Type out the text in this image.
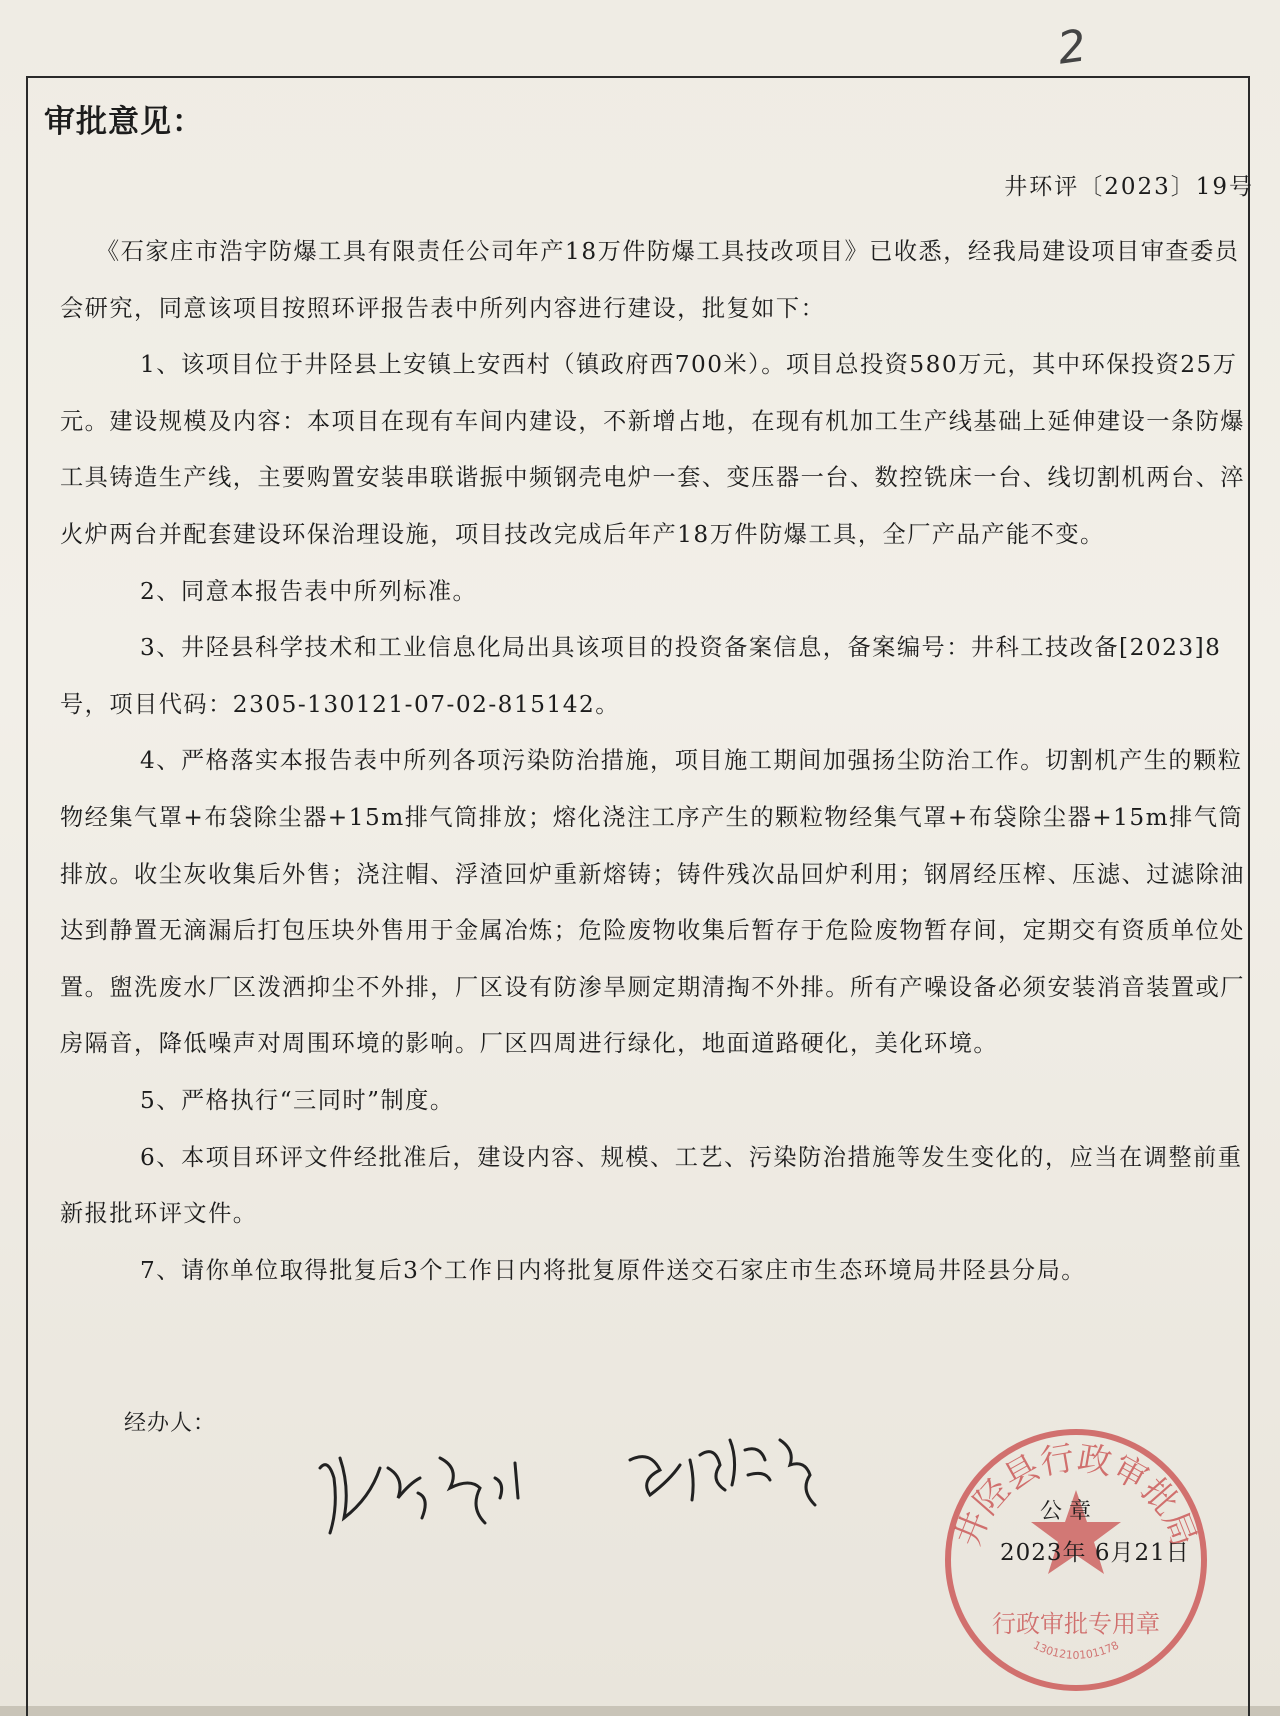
2
审批意见：
井环评〔2023〕19号

《石家庄市浩宇防爆工具有限责任公司年产18万件防爆工具技改项目》已收悉，经我局建设项目审查委员会研究，同意该项目按照环评报告表中所列内容进行建设，批复如下：

1、该项目位于井陉县上安镇上安西村（镇政府西700米）。项目总投资580万元，其中环保投资25万元。建设规模及内容：本项目在现有车间内建设，不新增占地，在现有机加工生产线基础上延伸建设一条防爆工具铸造生产线，主要购置安装串联谐振中频钢壳电炉一套、变压器一台、数控铣床一台、线切割机两台、淬火炉两台并配套建设环保治理设施，项目技改完成后年产18万件防爆工具，全厂产品产能不变。

2、同意本报告表中所列标准。

3、井陉县科学技术和工业信息化局出具该项目的投资备案信息，备案编号：井科工技改备[2023]8号，项目代码：2305-130121-07-02-815142。

4、严格落实本报告表中所列各项污染防治措施，项目施工期间加强扬尘防治工作。切割机产生的颗粒物经集气罩+布袋除尘器+15m排气筒排放；熔化浇注工序产生的颗粒物经集气罩+布袋除尘器+15m排气筒排放。收尘灰收集后外售；浇注帽、浮渣回炉重新熔铸；铸件残次品回炉利用；钢屑经压榨、压滤、过滤除油达到静置无滴漏后打包压块外售用于金属冶炼；危险废物收集后暂存于危险废物暂存间，定期交有资质单位处置。盥洗废水厂区泼洒抑尘不外排，厂区设有防渗旱厕定期清掏不外排。所有产噪设备必须安装消音装置或厂房隔音，降低噪声对周围环境的影响。厂区四周进行绿化，地面道路硬化，美化环境。

5、严格执行“三同时”制度。

6、本项目环评文件经批准后，建设内容、规模、工艺、污染防治措施等发生变化的，应当在调整前重新报批环评文件。

7、请你单位取得批复后3个工作日内将批复原件送交石家庄市生态环境局井陉县分局。

经办人：
井陉县行政审批局
行政审批专用章
1301210101178
公 章
2023年 6月21日
